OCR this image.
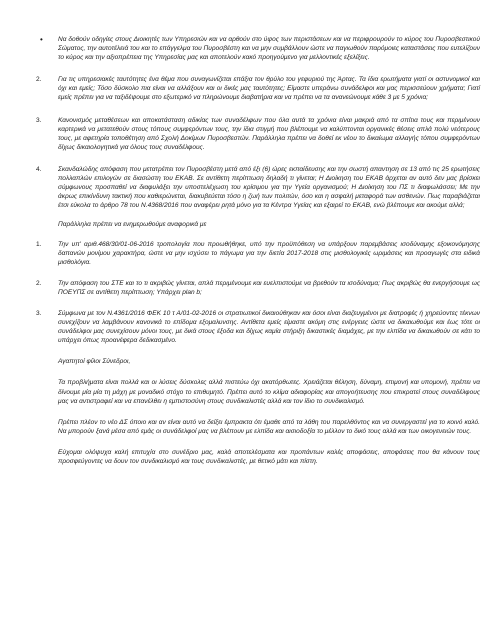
•	Να δοθούν οδηγίες στους Διοικητές των Υπηρεσιών και να αρθούν στο ύψος των περιστάσεων και να περιφρουρούν το κύρος του Πυροσβεστικού Σώματος, την αυτοτέλειά του και το επάγγελμα του Πυροσβέστη και να μην συμβάλλουν ώστε να παγιωθούν παρόμοιες καταστάσεις που ευτελίζουν το κύρος και την αξιοπρέπεια της Υπηρεσίας μας και αποτελούν κακό προηγούμενο για μελλοντικές εξελίξεις.
2.	Για τις υπηρεσιακές ταυτότητες ένα θέμα που συναγωνίζεται επάξια τον θρύλο του γεφυριού της Άρτας. Τα ίδια ερωτήματα γιατί οι αστυνομικοί και όχι και εμείς; Τόσο δύσκολο πια είναι να αλλάξουν και οι δικές μας ταυτότητες; Είμαστε υπεράνω συνάδελφοι και μας περισσεύουν χρήματα; Γιατί εμείς πρέπει για να ταξιδέψουμε στο εξωτερικό να πληρώνουμε διαβατήρια και να πρέπει να τα ανανεώνουμε κάθε 3 με 5 χρόνια;
3.	Κανονισμός μεταθέσεων και αποκατάσταση αδικίας των συναδέλφων που όλα αυτά τα χρόνια είναι μακριά από τα σπίτια τους και περιμένουν καρτερικά να μετατεθούν στους τόπους συμφερόντων τους, την ίδια στιγμή που βλέπουμε να καλύπτονται οργανικές θέσεις απλά πολύ νεότερους τους, με αφετηρία τοποθέτηση από Σχολή Δοκίμων Πυροσβεστών. Παράλληλα πρέπει να δοθεί εκ νέου το δικαίωμα αλλαγής τόπου συμφερόντων δίχως δικαιολογητικά για όλους τους συναδέλφους.
4.	Σκανδαλώδης απόφαση που μετατρέπει τον Πυροσβέστη μετά από έξι (6) ώρες εκπαίδευσης και την σωστή απαντηση σε 13 από τις 25 ερωτήσεις πολλαπλών επιλογών σε διασώστη του ΕΚΑΒ. Σε αντίθετη περίπτωση δηλαδή τι γίνεται; Η Διοίκηση του ΕΚΑΒ άρχεται αν αυτό δεν μας βρίσκει σύμφωνους προσπαθεί να διαφυλάξει την υποστελέχωση του κρίσιμου για την Υγεία οργανισμού; Η Διοίκηση του ΠΣ τι διαφωλάσσει; Με την άκρως επικίνδυνη τακτική που καθιερώνεται, διακυβεύεται τόσο η ζωή των πολιτών, όσο και η ασφαλή μεταφορά των ασθενών. Πως παραβιάζεται έτσι εύκολα το άρθρο 78 του Ν.4368/2016 που αναφέρει ρητά μόνο για τα Κέντρα Υγείας και εξαιρεί το ΕΚΑΒ, ενώ βλέπουμε και ακούμε αλλά;

Παράλληλα πρέπει να ενημερωθούμε αναφορικά με

1.	Την υπ' αριθ.468/30/01-06-2016 τροπολογία που προωθήθηκε, υπό την προϋπόθεση να υπάρξουν παρεμβάσεις ισοδύναμης εξοικονόμησης δαπανών μονίμου χαρακτήρα, ώστε να μην ισχύσει το πάγωμα για την διετία 2017-2018 στις μισθολογικές ωριμάσεις και προαγωγές στα ειδικά μισθολόγια.
2.	Την απόφαση του ΣΤΕ και το τι ακριβώς γίνεται, απλά περιμένουμε και ευελπιστούμε να βρεθούν τα ισοδύναμα; Πως ακριβώς θα ενεργήσουμε ως ΠΟΕΥΠΣ σε αντίθετη περίπτωση; Υπάρχει plan b;
3.	Σύμφωνα με τον Ν.4361/2016 ΦΕΚ 10 τ Α/01-02-2016 οι στρατιωτικοί δικαιούθηκαν και όσοι είναι διαζευγμένοι με διατροφές ή χηρεύοντες τέκνων συνεχίζουν να λαμβάνουν κανονικά το επίδομα εξομαλυνσης. Αντίθετα εμείς είμαστε ακόμη στις ενέργειες ώστε να δικαιωθούμε και έως τότε οι συνάδελφοι μας συνεχίσουν μόνοι τους, με δικά στους έξοδα και δίχως καμία στήριξη δικαστικές διαμάχες, με την ελπίδα να δικαιωθούν σε κάτι το υπάρχει όπως προανέφερα δεδικασμένο.

Αγαπητοί φίλοι Σύνεδροι,

Τα προβλήματα είναι πολλά και οι λύσεις δύσκολες αλλά πιστεύω όχι ακατόρθωτες. Χρειάζεται θέληση, δύναμη, επιμονή και υπομονή, πρέπει να δίνουμε μία μία τη μάχη με μοναδικό στόχο το επιθυμητό. Πρέπει αυτό το κλίμα αδιαφορίας και απογοήτευσης που επικρατεί στους συναδέλφους μας να αντιστραφεί και να επανέλθει η εμπιστοσύνη στους συνδικαλιστές αλλά και τον ίδιο το συνδικαλισμό.

Πρέπει πλέον το νέο ΔΣ όποιο και αν είναι αυτό να δείξει έμπρακτα ότι έμαθε από τα λάθη του παρελθόντος και να συνεργαστεί για το κοινό καλό. Να μπορούν ξανά μέσα από εμάς οι συνάδελφοί μας να βλέπουν με ελπίδα και αισιοδοξία το μέλλον το δικό τους αλλά και των οικογενειών τους.

Εύχομαι ολόψυχα καλή επιτυχία στο συνέδριο μας, καλά αποτελέσματα και προπάντων καλές αποφάσεις, αποφάσεις που θα κάνουν τους προσφεύγοντες να δουν τον συνδικαλισμό και τους συνδικαλιστές, με θετικό μάτι και πίστη.
